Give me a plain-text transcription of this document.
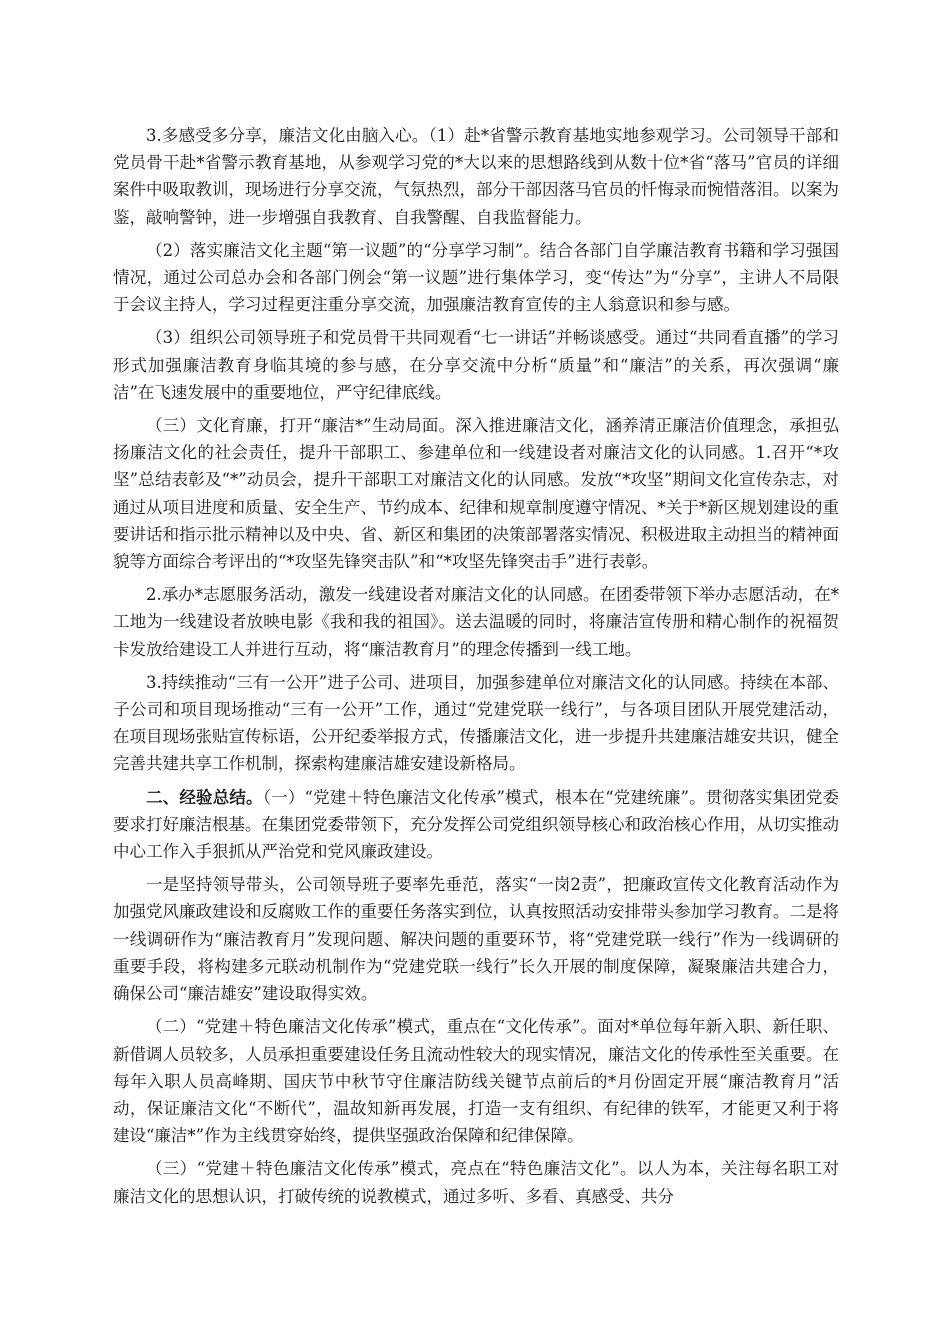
3.多感受多分享，廉洁文化由脑入心。（1）赴*省警示教育基地实地参观学习。公司领导干部和党员骨干赴*省警示教育基地，从参观学习党的*大以来的思想路线到从数十位*省“落马”官员的详细案件中吸取教训，现场进行分享交流，气氛热烈，部分干部因落马官员的忏悔录而惋惜落泪。以案为鉴，敲响警钟，进一步增强自我教育、自我警醒、自我监督能力。

（2）落实廉洁文化主题“第一议题”的“分享学习制”。结合各部门自学廉洁教育书籍和学习强国情况，通过公司总办会和各部门例会“第一议题”进行集体学习，变“传达”为“分享”，主讲人不局限于会议主持人，学习过程更注重分享交流，加强廉洁教育宣传的主人翁意识和参与感。

（3）组织公司领导班子和党员骨干共同观看“七一讲话”并畅谈感受。通过“共同看直播”的学习形式加强廉洁教育身临其境的参与感，在分享交流中分析“质量”和“廉洁”的关系，再次强调“廉洁”在飞速发展中的重要地位，严守纪律底线。

（三）文化育廉，打开“廉洁*”生动局面。深入推进廉洁文化，涵养清正廉洁价值理念，承担弘扬廉洁文化的社会责任，提升干部职工、参建单位和一线建设者对廉洁文化的认同感。1.召开“*攻坚”总结表彰及“*”动员会，提升干部职工对廉洁文化的认同感。发放“*攻坚”期间文化宣传杂志，对通过从项目进度和质量、安全生产、节约成本、纪律和规章制度遵守情况、*关于*新区规划建设的重要讲话和指示批示精神以及中央、省、新区和集团的决策部署落实情况、积极进取主动担当的精神面貌等方面综合考评出的“*攻坚先锋突击队”和“*攻坚先锋突击手”进行表彰。

2.承办*志愿服务活动，激发一线建设者对廉洁文化的认同感。在团委带领下举办志愿活动，在*工地为一线建设者放映电影《我和我的祖国》。送去温暖的同时，将廉洁宣传册和精心制作的祝福贺卡发放给建设工人并进行互动，将“廉洁教育月”的理念传播到一线工地。

3.持续推动“三有一公开”进子公司、进项目，加强参建单位对廉洁文化的认同感。持续在本部、子公司和项目现场推动“三有一公开”工作，通过“党建党联一线行”，与各项目团队开展党建活动，在项目现场张贴宣传标语，公开纪委举报方式，传播廉洁文化，进一步提升共建廉洁雄安共识，健全完善共建共享工作机制，探索构建廉洁雄安建设新格局。

二、经验总结。（一）“党建＋特色廉洁文化传承”模式，根本在“党建统廉”。贯彻落实集团党委要求打好廉洁根基。在集团党委带领下，充分发挥公司党组织领导核心和政治核心作用，从切实推动中心工作入手狠抓从严治党和党风廉政建设。

一是坚持领导带头，公司领导班子要率先垂范，落实“一岗2责”，把廉政宣传文化教育活动作为加强党风廉政建设和反腐败工作的重要任务落实到位，认真按照活动安排带头参加学习教育。二是将一线调研作为“廉洁教育月”发现问题、解决问题的重要环节，将“党建党联一线行”作为一线调研的重要手段，将构建多元联动机制作为“党建党联一线行”长久开展的制度保障，凝聚廉洁共建合力，确保公司“廉洁雄安”建设取得实效。

（二）“党建＋特色廉洁文化传承”模式，重点在“文化传承”。面对*单位每年新入职、新任职、新借调人员较多，人员承担重要建设任务且流动性较大的现实情况，廉洁文化的传承性至关重要。在每年入职人员高峰期、国庆节中秋节守住廉洁防线关键节点前后的*月份固定开展“廉洁教育月”活动，保证廉洁文化“不断代”，温故知新再发展，打造一支有组织、有纪律的铁军，才能更又利于将建设“廉洁*”作为主线贯穿始终，提供坚强政治保障和纪律保障。

（三）“党建＋特色廉洁文化传承”模式，亮点在“特色廉洁文化”。以人为本，关注每名职工对廉洁文化的思想认识，打破传统的说教模式，通过多听、多看、真感受、共分
